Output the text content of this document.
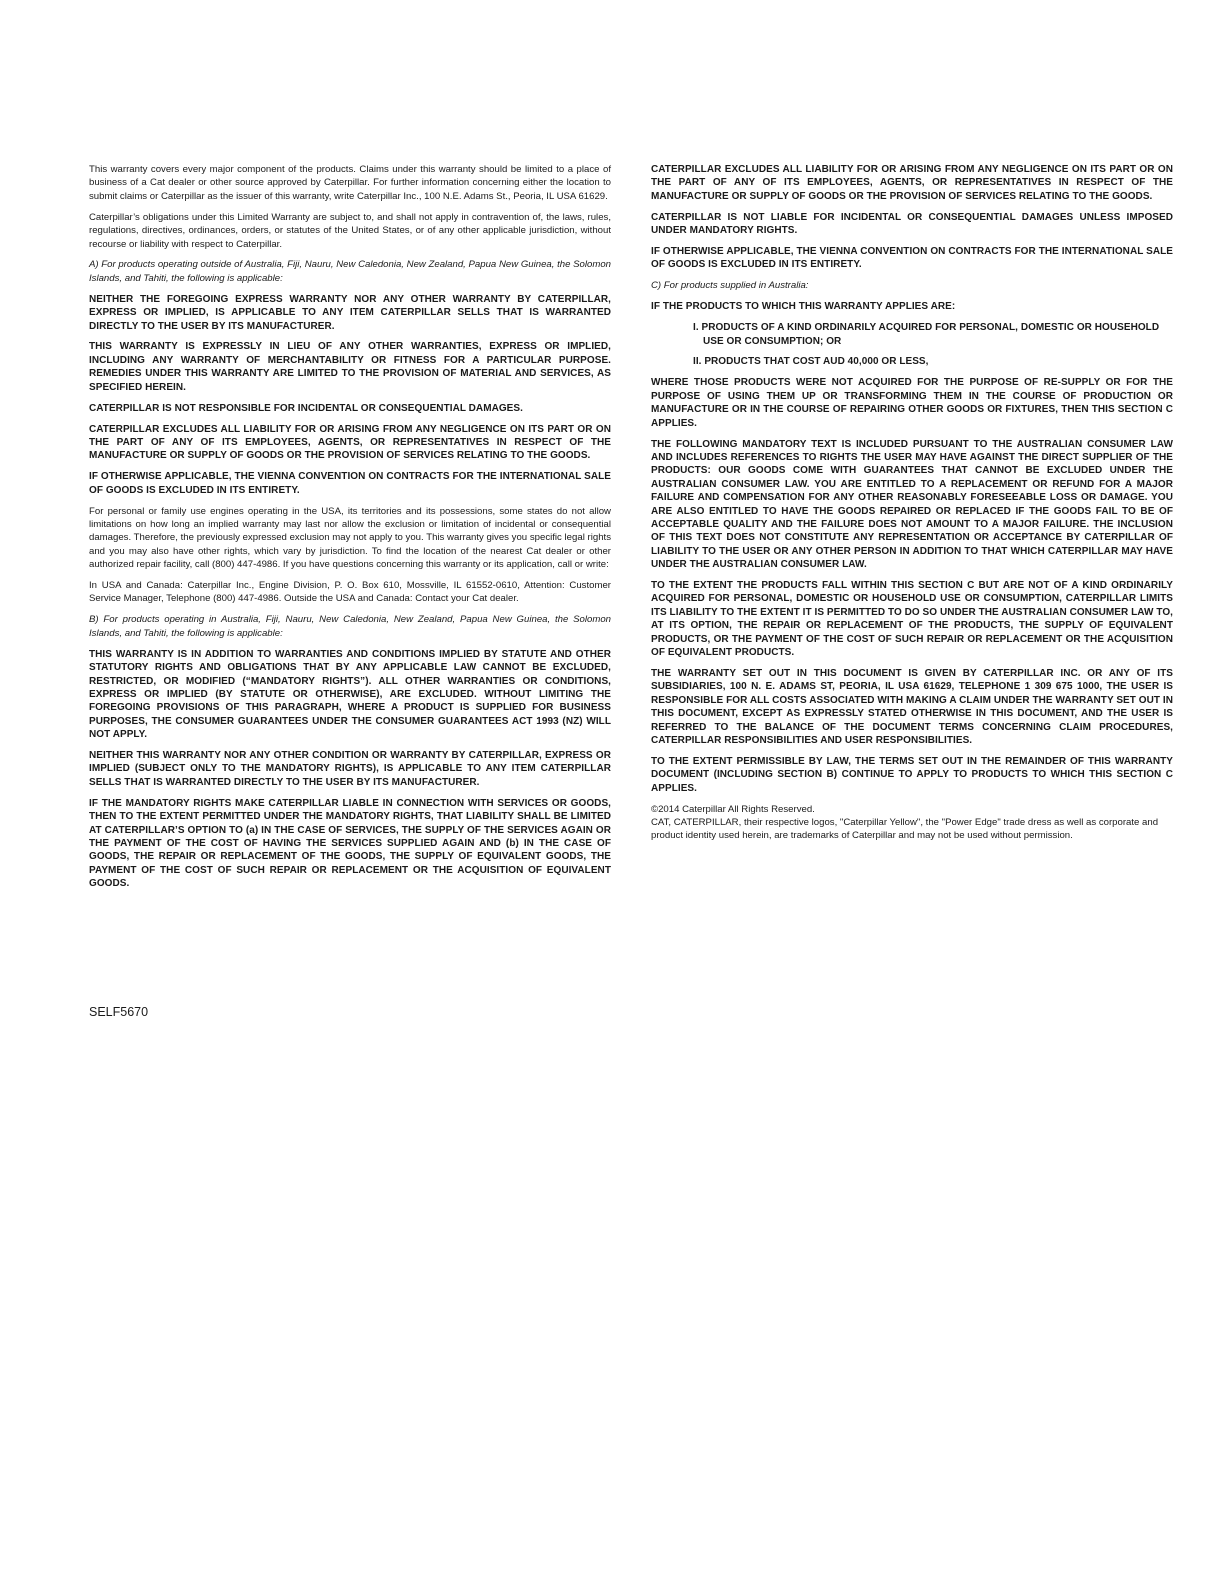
This warranty covers every major component of the products. Claims under this warranty should be limited to a place of business of a Cat dealer or other source approved by Caterpillar. For further information concerning either the location to submit claims or Caterpillar as the issuer of this warranty, write Caterpillar Inc., 100 N.E. Adams St., Peoria, IL USA 61629.

Caterpillar’s obligations under this Limited Warranty are subject to, and shall not apply in contravention of, the laws, rules, regulations, directives, ordinances, orders, or statutes of the United States, or of any other applicable jurisdiction, without recourse or liability with respect to Caterpillar.

A) For products operating outside of Australia, Fiji, Nauru, New Caledonia, New Zealand, Papua New Guinea, the Solomon Islands, and Tahiti, the following is applicable:

NEITHER THE FOREGOING EXPRESS WARRANTY NOR ANY OTHER WARRANTY BY CATERPILLAR, EXPRESS OR IMPLIED, IS APPLICABLE TO ANY ITEM CATERPILLAR SELLS THAT IS WARRANTED DIRECTLY TO THE USER BY ITS MANUFACTURER.

THIS WARRANTY IS EXPRESSLY IN LIEU OF ANY OTHER WARRANTIES, EXPRESS OR IMPLIED, INCLUDING ANY WARRANTY OF MERCHANTABILITY OR FITNESS FOR A PARTICULAR PURPOSE. REMEDIES UNDER THIS WARRANTY ARE LIMITED TO THE PROVISION OF MATERIAL AND SERVICES, AS SPECIFIED HEREIN.

CATERPILLAR IS NOT RESPONSIBLE FOR INCIDENTAL OR CONSEQUENTIAL DAMAGES.

CATERPILLAR EXCLUDES ALL LIABILITY FOR OR ARISING FROM ANY NEGLIGENCE ON ITS PART OR ON THE PART OF ANY OF ITS EMPLOYEES, AGENTS, OR REPRESENTATIVES IN RESPECT OF THE MANUFACTURE OR SUPPLY OF GOODS OR THE PROVISION OF SERVICES RELATING TO THE GOODS.

IF OTHERWISE APPLICABLE, THE VIENNA CONVENTION ON CONTRACTS FOR THE INTERNATIONAL SALE OF GOODS IS EXCLUDED IN ITS ENTIRETY.

For personal or family use engines operating in the USA, its territories and its possessions, some states do not allow limitations on how long an implied warranty may last nor allow the exclusion or limitation of incidental or consequential damages. Therefore, the previously expressed exclusion may not apply to you. This warranty gives you specific legal rights and you may also have other rights, which vary by jurisdiction. To find the location of the nearest Cat dealer or other authorized repair facility, call (800) 447-4986. If you have questions concerning this warranty or its application, call or write:

In USA and Canada: Caterpillar Inc., Engine Division, P. O. Box 610, Mossville, IL 61552-0610, Attention: Customer Service Manager, Telephone (800) 447-4986. Outside the USA and Canada: Contact your Cat dealer.

B) For products operating in Australia, Fiji, Nauru, New Caledonia, New Zealand, Papua New Guinea, the Solomon Islands, and Tahiti, the following is applicable:

THIS WARRANTY IS IN ADDITION TO WARRANTIES AND CONDITIONS IMPLIED BY STATUTE AND OTHER STATUTORY RIGHTS AND OBLIGATIONS THAT BY ANY APPLICABLE LAW CANNOT BE EXCLUDED, RESTRICTED, OR MODIFIED (“MANDATORY RIGHTS”). ALL OTHER WARRANTIES OR CONDITIONS, EXPRESS OR IMPLIED (BY STATUTE OR OTHERWISE), ARE EXCLUDED. WITHOUT LIMITING THE FOREGOING PROVISIONS OF THIS PARAGRAPH, WHERE A PRODUCT IS SUPPLIED FOR BUSINESS PURPOSES, THE CONSUMER GUARANTEES UNDER THE CONSUMER GUARANTEES ACT 1993 (NZ) WILL NOT APPLY.

NEITHER THIS WARRANTY NOR ANY OTHER CONDITION OR WARRANTY BY CATERPILLAR, EXPRESS OR IMPLIED (SUBJECT ONLY TO THE MANDATORY RIGHTS), IS APPLICABLE TO ANY ITEM CATERPILLAR SELLS THAT IS WARRANTED DIRECTLY TO THE USER BY ITS MANUFACTURER.

IF THE MANDATORY RIGHTS MAKE CATERPILLAR LIABLE IN CONNECTION WITH SERVICES OR GOODS, THEN TO THE EXTENT PERMITTED UNDER THE MANDATORY RIGHTS, THAT LIABILITY SHALL BE LIMITED AT CATERPILLAR’S OPTION TO (a) IN THE CASE OF SERVICES, THE SUPPLY OF THE SERVICES AGAIN OR THE PAYMENT OF THE COST OF HAVING THE SERVICES SUPPLIED AGAIN AND (b) IN THE CASE OF GOODS, THE REPAIR OR REPLACEMENT OF THE GOODS, THE SUPPLY OF EQUIVALENT GOODS, THE PAYMENT OF THE COST OF SUCH REPAIR OR REPLACEMENT OR THE ACQUISITION OF EQUIVALENT GOODS.

CATERPILLAR EXCLUDES ALL LIABILITY FOR OR ARISING FROM ANY NEGLIGENCE ON ITS PART OR ON THE PART OF ANY OF ITS EMPLOYEES, AGENTS, OR REPRESENTATIVES IN RESPECT OF THE MANUFACTURE OR SUPPLY OF GOODS OR THE PROVISION OF SERVICES RELATING TO THE GOODS.

CATERPILLAR IS NOT LIABLE FOR INCIDENTAL OR CONSEQUENTIAL DAMAGES UNLESS IMPOSED UNDER MANDATORY RIGHTS.

IF OTHERWISE APPLICABLE, THE VIENNA CONVENTION ON CONTRACTS FOR THE INTERNATIONAL SALE OF GOODS IS EXCLUDED IN ITS ENTIRETY.

C) For products supplied in Australia:

IF THE PRODUCTS TO WHICH THIS WARRANTY APPLIES ARE:

I. PRODUCTS OF A KIND ORDINARILY ACQUIRED FOR PERSONAL, DOMESTIC OR HOUSEHOLD USE OR CONSUMPTION; OR

II. PRODUCTS THAT COST AUD 40,000 OR LESS,

WHERE THOSE PRODUCTS WERE NOT ACQUIRED FOR THE PURPOSE OF RE-SUPPLY OR FOR THE PURPOSE OF USING THEM UP OR TRANSFORMING THEM IN THE COURSE OF PRODUCTION OR MANUFACTURE OR IN THE COURSE OF REPAIRING OTHER GOODS OR FIXTURES, THEN THIS SECTION C APPLIES.

THE FOLLOWING MANDATORY TEXT IS INCLUDED PURSUANT TO THE AUSTRALIAN CONSUMER LAW AND INCLUDES REFERENCES TO RIGHTS THE USER MAY HAVE AGAINST THE DIRECT SUPPLIER OF THE PRODUCTS: OUR GOODS COME WITH GUARANTEES THAT CANNOT BE EXCLUDED UNDER THE AUSTRALIAN CONSUMER LAW. YOU ARE ENTITLED TO A REPLACEMENT OR REFUND FOR A MAJOR FAILURE AND COMPENSATION FOR ANY OTHER REASONABLY FORESEEABLE LOSS OR DAMAGE. YOU ARE ALSO ENTITLED TO HAVE THE GOODS REPAIRED OR REPLACED IF THE GOODS FAIL TO BE OF ACCEPTABLE QUALITY AND THE FAILURE DOES NOT AMOUNT TO A MAJOR FAILURE. THE INCLUSION OF THIS TEXT DOES NOT CONSTITUTE ANY REPRESENTATION OR ACCEPTANCE BY CATERPILLAR OF LIABILITY TO THE USER OR ANY OTHER PERSON IN ADDITION TO THAT WHICH CATERPILLAR MAY HAVE UNDER THE AUSTRALIAN CONSUMER LAW.

TO THE EXTENT THE PRODUCTS FALL WITHIN THIS SECTION C BUT ARE NOT OF A KIND ORDINARILY ACQUIRED FOR PERSONAL, DOMESTIC OR HOUSEHOLD USE OR CONSUMPTION, CATERPILLAR LIMITS ITS LIABILITY TO THE EXTENT IT IS PERMITTED TO DO SO UNDER THE AUSTRALIAN CONSUMER LAW TO, AT ITS OPTION, THE REPAIR OR REPLACEMENT OF THE PRODUCTS, THE SUPPLY OF EQUIVALENT PRODUCTS, OR THE PAYMENT OF THE COST OF SUCH REPAIR OR REPLACEMENT OR THE ACQUISITION OF EQUIVALENT PRODUCTS.

THE WARRANTY SET OUT IN THIS DOCUMENT IS GIVEN BY CATERPILLAR INC. OR ANY OF ITS SUBSIDIARIES, 100 N. E. ADAMS ST, PEORIA, IL USA 61629, TELEPHONE 1 309 675 1000, THE USER IS RESPONSIBLE FOR ALL COSTS ASSOCIATED WITH MAKING A CLAIM UNDER THE WARRANTY SET OUT IN THIS DOCUMENT, EXCEPT AS EXPRESSLY STATED OTHERWISE IN THIS DOCUMENT, AND THE USER IS REFERRED TO THE BALANCE OF THE DOCUMENT TERMS CONCERNING CLAIM PROCEDURES, CATERPILLAR RESPONSIBILITIES AND USER RESPONSIBILITIES.

TO THE EXTENT PERMISSIBLE BY LAW, THE TERMS SET OUT IN THE REMAINDER OF THIS WARRANTY DOCUMENT (INCLUDING SECTION B) CONTINUE TO APPLY TO PRODUCTS TO WHICH THIS SECTION C APPLIES.

©2014 Caterpillar All Rights Reserved.

CAT, CATERPILLAR, their respective logos, "Caterpillar Yellow", the "Power Edge" trade dress as well as corporate and product identity used herein, are trademarks of Caterpillar and may not be used without permission.

SELF5670
